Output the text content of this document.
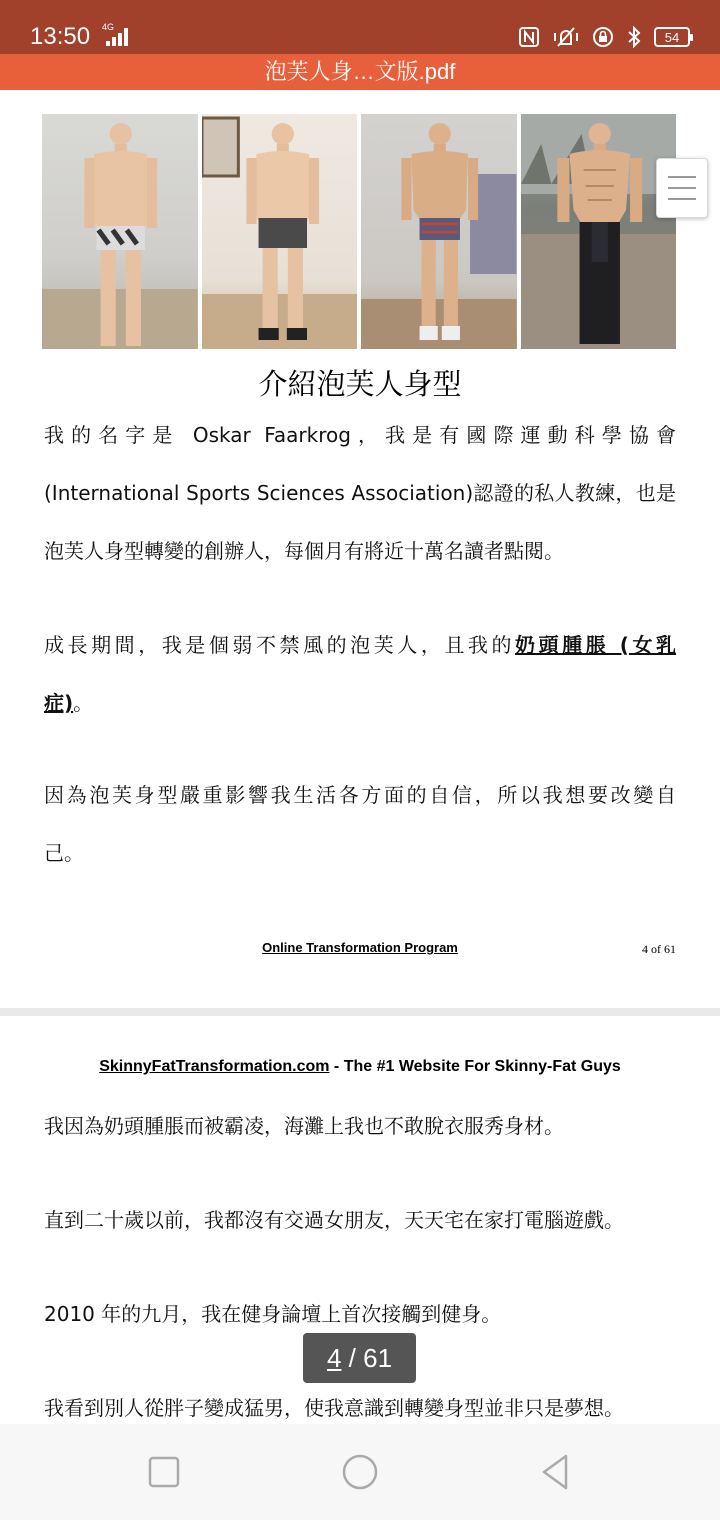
13:50 4G
54
泡芙人身…文版.pdf
介紹泡芙人身型
我的名字是 Oskar Faarkrog，我是有國際運動科學協會
(International Sports Sciences Association)認證的私人教練，也是
泡芙人身型轉變的創辦人，每個月有將近十萬名讀者點閱。
成長期間，我是個弱不禁風的泡芙人，且我的奶頭腫脹 (女乳
症)。
因為泡芙身型嚴重影響我生活各方面的自信，所以我想要改變自
己。
Online Transformation Program	4 of 61
SkinnyFatTransformation.com - The #1 Website For Skinny-Fat Guys
我因為奶頭腫脹而被霸凌，海灘上我也不敢脫衣服秀身材。
直到二十歲以前，我都沒有交過女朋友，天天宅在家打電腦遊戲。
2010 年的九月，我在健身論壇上首次接觸到健身。
我看到別人從胖子變成猛男，使我意識到轉變身型並非只是夢想。
4 / 61
